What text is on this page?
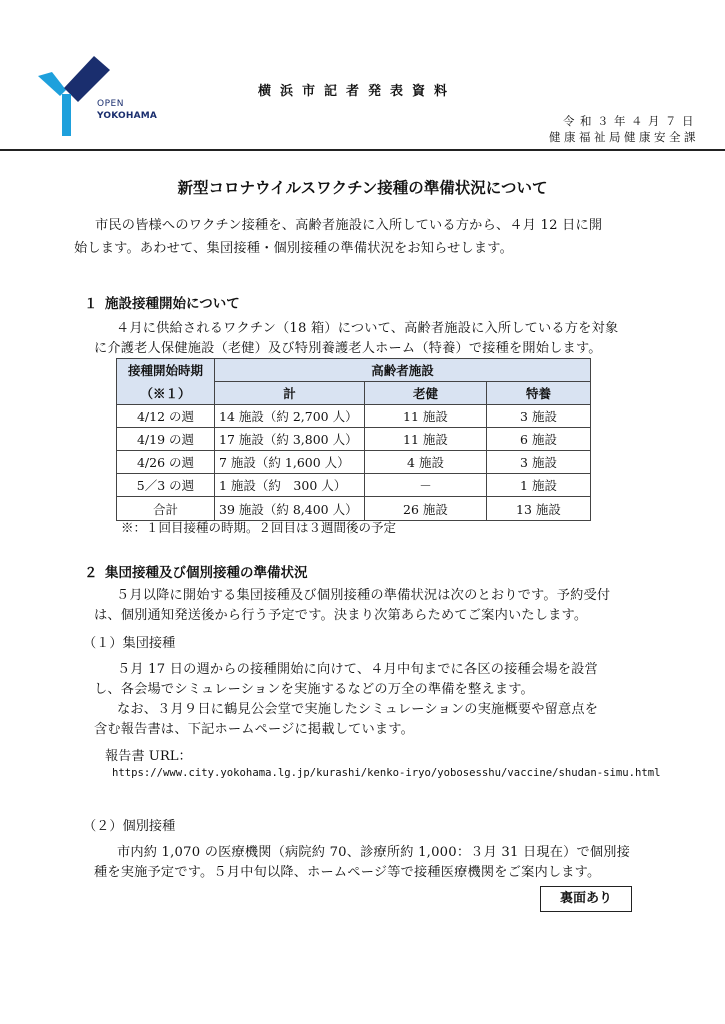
OPEN
YOKOHAMA
横浜市記者発表資料
令和３年４月７日
健康福祉局健康安全課
新型コロナウイルスワクチン接種の準備状況について
市民の皆様へのワクチン接種を、高齢者施設に入所している方から、４月 12 日に開
始します。あわせて、集団接種・個別接種の準備状況をお知らせします。
１ 施設接種開始について
４月に供給されるワクチン（18 箱）について、高齢者施設に入所している方を対象
に介護老人保健施設（老健）及び特別養護老人ホーム（特養）で接種を開始します。
接種開始時期	高齢者施設		
（※１）	計	老健	特養
4/12 の週	14 施設（約 2,700 人）	11 施設	3 施設
4/19 の週	17 施設（約 3,800 人）	11 施設	6 施設
4/26 の週	7 施設（約 1,600 人）	4 施設	3 施設
5／3 の週	1 施設（約　300 人）	－	1 施設
合計	39 施設（約 8,400 人）	26 施設	13 施設
※：１回目接種の時期。２回目は３週間後の予定
２ 集団接種及び個別接種の準備状況
５月以降に開始する集団接種及び個別接種の準備状況は次のとおりです。予約受付
は、個別通知発送後から行う予定です。決まり次第あらためてご案内いたします。
（１）集団接種
５月 17 日の週からの接種開始に向けて、４月中旬までに各区の接種会場を設営
し、各会場でシミュレーションを実施するなどの万全の準備を整えます。
なお、３月９日に鶴見公会堂で実施したシミュレーションの実施概要や留意点を
含む報告書は、下記ホームページに掲載しています。
報告書 URL：
https://www.city.yokohama.lg.jp/kurashi/kenko-iryo/yobosesshu/vaccine/shudan-simu.html
（２）個別接種
市内約 1,070 の医療機関（病院約 70、診療所約 1,000：３月 31 日現在）で個別接
種を実施予定です。５月中旬以降、ホームページ等で接種医療機関をご案内します。
裏面あり
